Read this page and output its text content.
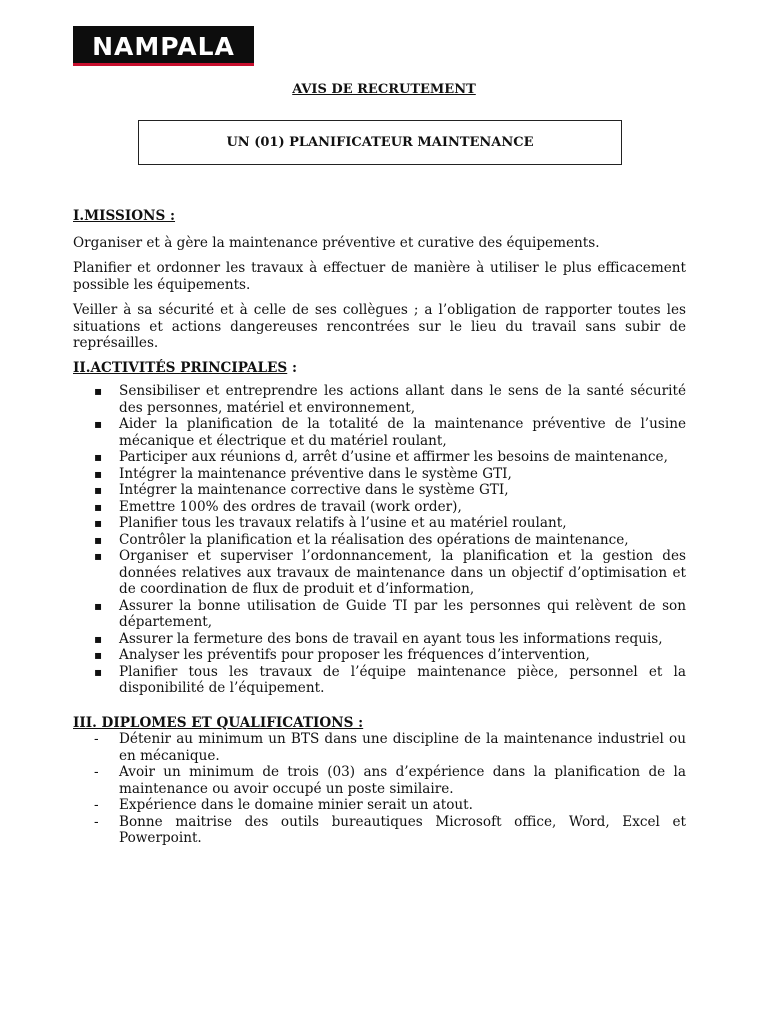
NAMPALA
AVIS DE RECRUTEMENT
UN (01) PLANIFICATEUR MAINTENANCE
I.MISSIONS :

Organiser et à gère la maintenance préventive et curative des équipements.

Planifier et ordonner les travaux à effectuer de manière à utiliser le plus efficacement possible les équipements.

Veiller à sa sécurité et à celle de ses collègues ; a l’obligation de rapporter toutes les situations et actions dangereuses rencontrées sur le lieu du travail sans subir de représailles.

II.ACTIVITÉS PRINCIPALES :
▪ Sensibiliser et entreprendre les actions allant dans le sens de la santé sécurité des personnes, matériel et environnement,
▪ Aider la planification de la totalité de la maintenance préventive de l’usine mécanique et électrique et du matériel roulant,
▪ Participer aux réunions d, arrêt d’usine et affirmer les besoins de maintenance,
▪ Intégrer la maintenance préventive dans le système GTI,
▪ Intégrer la maintenance corrective dans le système GTI,
▪ Emettre 100% des ordres de travail (work order),
▪ Planifier tous les travaux relatifs à l’usine et au matériel roulant,
▪ Contrôler la planification et la réalisation des opérations de maintenance,
▪ Organiser et superviser l’ordonnancement, la planification et la gestion des données relatives aux travaux de maintenance dans un objectif d’optimisation et de coordination de flux de produit et d’information,
▪ Assurer la bonne utilisation de Guide TI par les personnes qui relèvent de son département,
▪ Assurer la fermeture des bons de travail en ayant tous les informations requis,
▪ Analyser les préventifs pour proposer les fréquences d’intervention,
▪ Planifier tous les travaux de l’équipe maintenance pièce, personnel et la disponibilité de l’équipement.
III. DIPLOMES ET QUALIFICATIONS :
- Détenir au minimum un BTS dans une discipline de la maintenance industriel ou en mécanique.
- Avoir un minimum de trois (03) ans d’expérience dans la planification de la maintenance ou avoir occupé un poste similaire.
- Expérience dans le domaine minier serait un atout.
- Bonne maitrise des outils bureautiques Microsoft office, Word, Excel et Powerpoint.
